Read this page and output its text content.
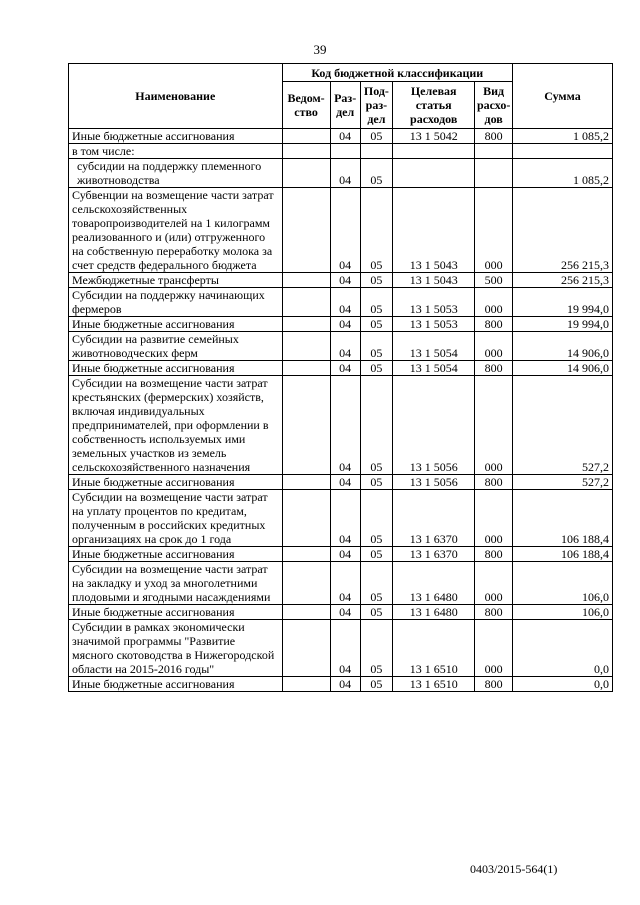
39
Наименование	Код бюджетной классификации					Сумма
	Ведом-ство	Раз-дел	Под-раз-дел	Целевая статья расходов	Вид расхо-дов	
Иные бюджетные ассигнования		04	05	13 1 5042	800	1 085,2
в том числе:						
субсидии на поддержку племенного животноводства		04	05			1 085,2
Субвенции на возмещение части затрат сельскохозяйственных товаропроизводителей на 1 килограмм реализованного и (или) отгруженного на собственную переработку молока за счет средств федерального бюджета		04	05	13 1 5043	000	256 215,3
Межбюджетные трансферты		04	05	13 1 5043	500	256 215,3
Субсидии на поддержку начинающих фермеров		04	05	13 1 5053	000	19 994,0
Иные бюджетные ассигнования		04	05	13 1 5053	800	19 994,0
Субсидии на развитие семейных животноводческих ферм		04	05	13 1 5054	000	14 906,0
Иные бюджетные ассигнования		04	05	13 1 5054	800	14 906,0
Субсидии на возмещение части затрат крестьянских (фермерских) хозяйств, включая индивидуальных предпринимателей, при оформлении в собственность используемых ими земельных участков из земель сельскохозяйственного назначения		04	05	13 1 5056	000	527,2
Иные бюджетные ассигнования		04	05	13 1 5056	800	527,2
Субсидии на возмещение части затрат на уплату процентов по кредитам, полученным в российских кредитных организациях на срок до 1 года		04	05	13 1 6370	000	106 188,4
Иные бюджетные ассигнования		04	05	13 1 6370	800	106 188,4
Субсидии на возмещение части затрат на закладку и уход за многолетними плодовыми и ягодными насаждениями		04	05	13 1 6480	000	106,0
Иные бюджетные ассигнования		04	05	13 1 6480	800	106,0
Субсидии в рамках экономически значимой программы "Развитие мясного скотоводства в Нижегородской области на 2015-2016 годы"		04	05	13 1 6510	000	0,0
Иные бюджетные ассигнования		04	05	13 1 6510	800	0,0
0403/2015-564(1)
